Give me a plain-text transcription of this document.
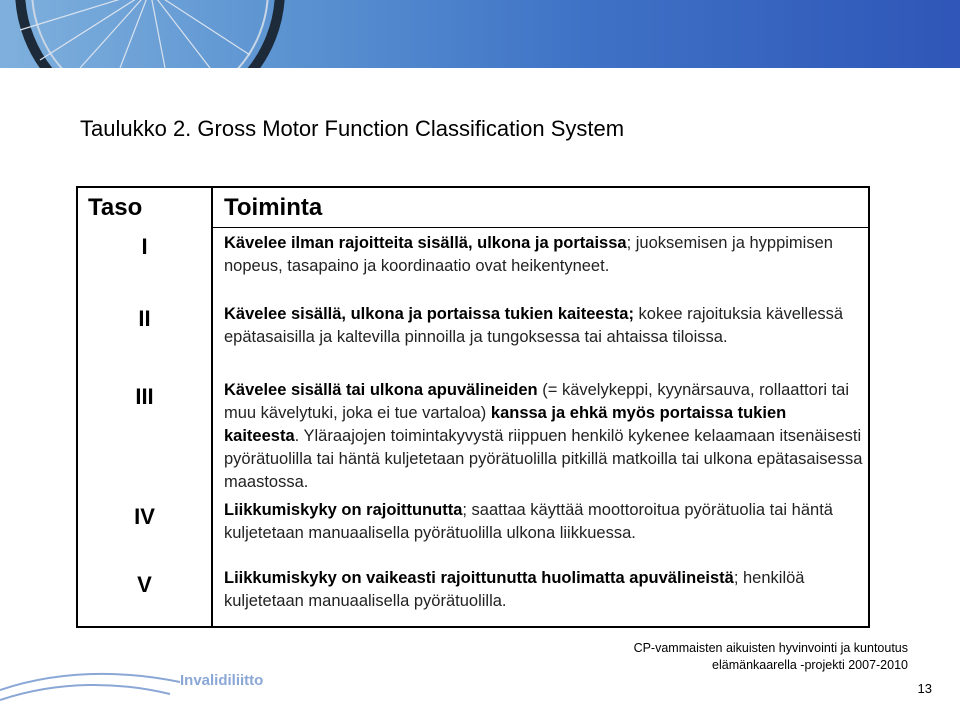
Taulukko 2. Gross Motor Function Classification System
Taso	Toiminta
I	Kävelee ilman rajoitteita sisällä, ulkona ja portaissa; juoksemisen ja hyppimisen nopeus, tasapaino ja koordinaatio ovat heikentyneet.
II	Kävelee sisällä, ulkona ja portaissa tukien kaiteesta; kokee rajoituksia kävellessä epätasaisilla ja kaltevilla pinnoilla ja tungoksessa tai ahtaissa tiloissa.
III	Kävelee sisällä tai ulkona apuvälineiden (= kävelykeppi, kyynärsauva, rollaattori tai muu kävelytuki, joka ei tue vartaloa) kanssa ja ehkä myös portaissa tukien kaiteesta. Yläraajojen toimintakyvystä riippuen henkilö kykenee kelaamaan itsenäisesti pyörätuolilla tai häntä kuljetetaan pyörätuolilla pitkillä matkoilla tai ulkona epätasaisessa maastossa.
IV	Liikkumiskyky on rajoittunutta; saattaa käyttää moottoroitua pyörätuolia tai häntä kuljetetaan manuaalisella pyörätuolilla ulkona liikkuessa.
V	Liikkumiskyky on vaikeasti rajoittunutta huolimatta apuvälineistä; henkilöä kuljetetaan manuaalisella pyörätuolilla.
Invalidiliitto
CP-vammaisten aikuisten hyvinvointi ja kuntoutus
elämänkaarella -projekti 2007-2010
13
